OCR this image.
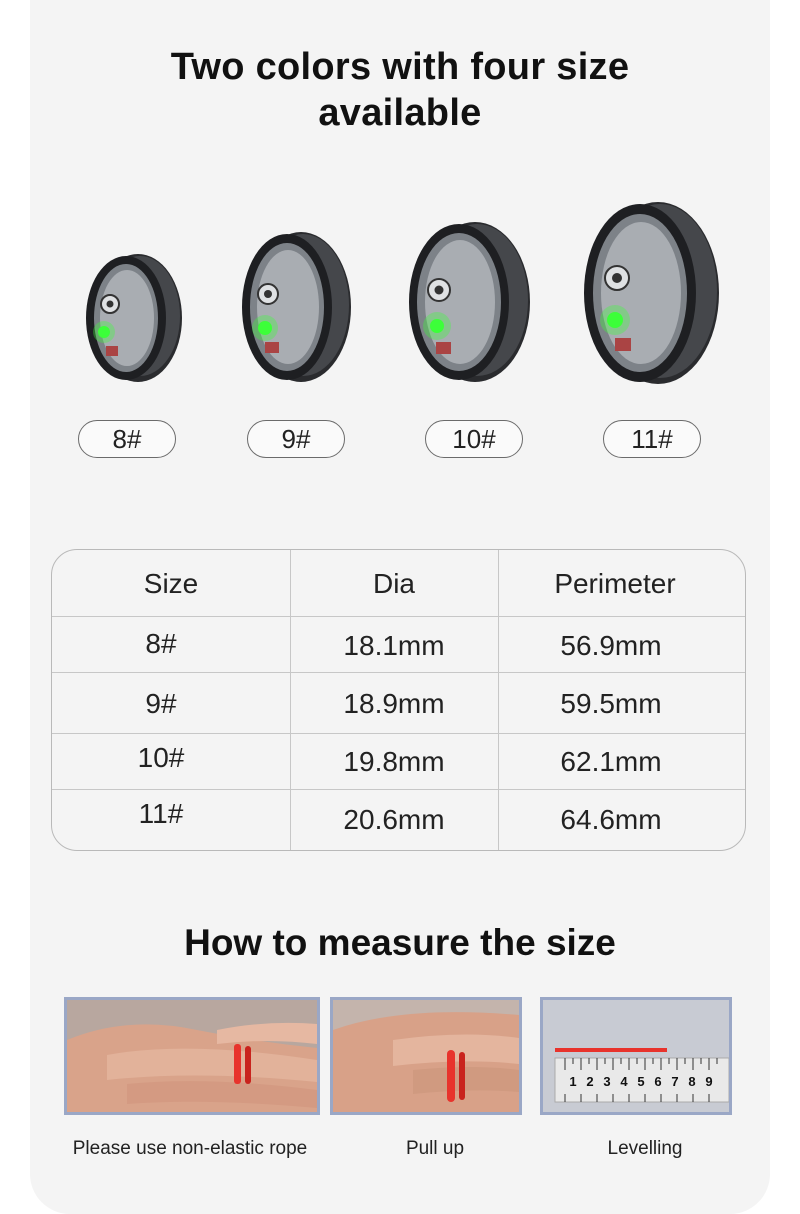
Two colors with four size
available
8#	9#	10#	11#
Size	Dia	Perimeter
8#	18.1mm	56.9mm
9#	18.9mm	59.5mm
10#	19.8mm	62.1mm
11#	20.6mm	64.6mm
How to measure the size
1 2 3 4 5 6 7 8 9
Please use non-elastic rope	Pull up	Levelling
